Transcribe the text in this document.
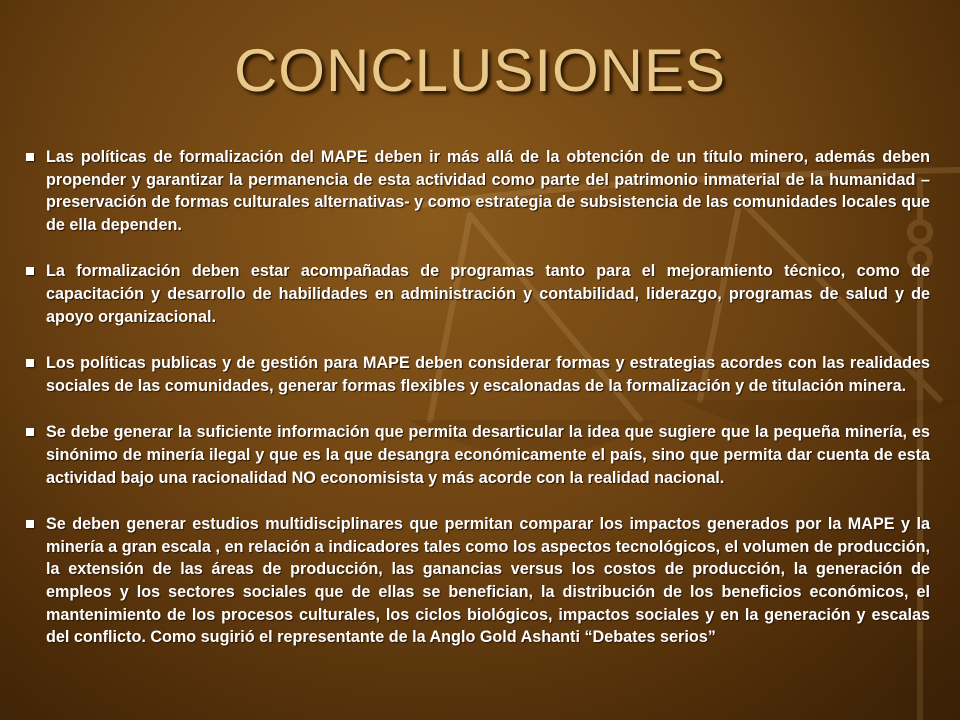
CONCLUSIONES
Las políticas de formalización del MAPE deben ir más allá de la obtención de un título minero, además deben propender y garantizar la permanencia de esta actividad como parte del patrimonio inmaterial de la humanidad –preservación de formas culturales alternativas- y como estrategia de subsistencia de las comunidades locales que de ella dependen.
La formalización deben estar acompañadas de programas tanto para el mejoramiento técnico, como de capacitación y desarrollo de habilidades en administración y contabilidad, liderazgo, programas de salud y de apoyo organizacional.
Los políticas publicas y de gestión para MAPE deben considerar formas y estrategias acordes con las realidades sociales de las comunidades, generar formas flexibles y escalonadas de la formalización y de titulación minera.
Se debe generar la suficiente información que permita desarticular la idea que sugiere que la pequeña minería, es sinónimo de minería ilegal y que es la que desangra económicamente el país, sino que permita dar cuenta de esta actividad bajo una racionalidad NO economisista y más acorde con la realidad nacional.
Se deben generar estudios multidisciplinares que permitan comparar los impactos generados por la MAPE y la minería a gran escala , en relación a indicadores tales como los aspectos tecnológicos, el volumen de producción, la extensión de las áreas de producción, las ganancias versus los costos de producción, la generación de empleos y los sectores sociales que de ellas se benefician, la distribución de los beneficios económicos, el mantenimiento de los procesos culturales, los ciclos biológicos, impactos sociales y en la generación y escalas del conflicto. Como sugirió el representante de la Anglo Gold Ashanti “Debates serios”
